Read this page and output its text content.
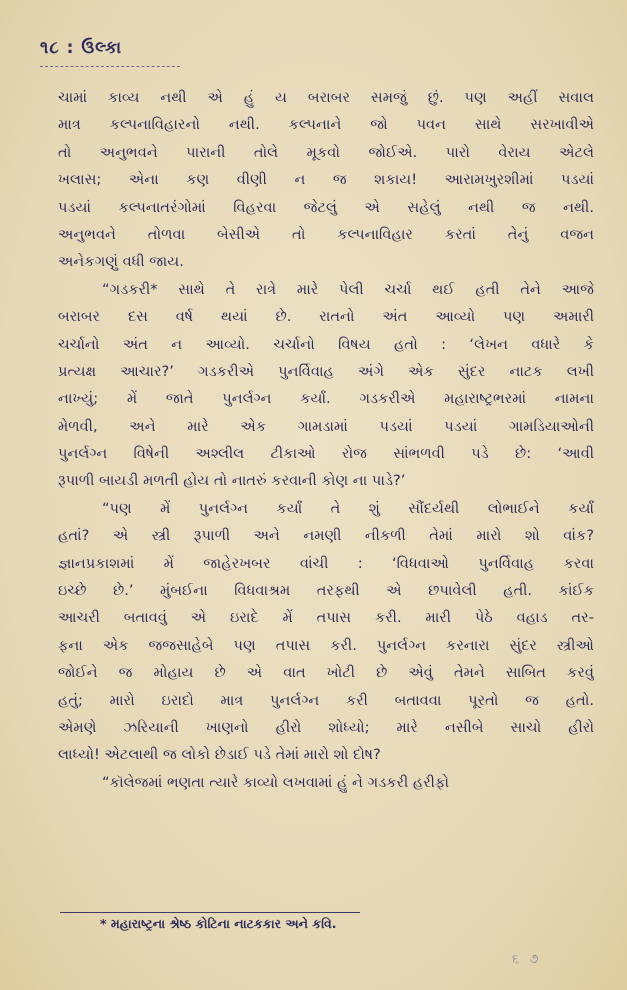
૧૮ : ઉલ્કા
ચામાં કાવ્ય નથી એ હું ય બરાબર સમજું છું. પણ અહીં સવાલ
માત્ર કલ્પનાવિહારનો નથી. કલ્પનાને જો પવન સાથે સરખાવીએ
તો અનુભવને પારાની તોલે મૂકવો જોઈએ. પારો વેરાય એટલે
ખલાસ; એના કણ વીણી ન જ શકાય! આરામખુરશીમાં પડયાં
પડયાં કલ્પનાતરંગોમાં વિહરવા જેટલું એ સહેલું નથી જ નથી.
અનુભવને તોળવા બેસીએ તો કલ્પનાવિહાર કરતાં તેનું વજન
અનેકગણું વધી જાય.
“ગડકરી* સાથે તે રાત્રે મારે પેલી ચર્ચા થઈ હતી તેને આજે
બરાબર દસ વર્ષ થયાં છે. રાતનો અંત આવ્યો પણ અમારી
ચર્ચાનો અંત ન આવ્યો. ચર્ચાનો વિષય હતો : ‘લેખન વધારે કે
પ્રત્યક્ષ આચાર?’ ગડકરીએ પુનર્વિવાહ અંગે એક સુંદર નાટક લખી
નાખ્યું; મેં જાતે પુનર્લગ્ન કર્યાં. ગડકરીએ મહારાષ્ટ્રભરમાં નામના
મેળવી, અને મારે એક ગામડામાં પડયાં પડયાં ગામડિયાઓની
પુનર્લગ્ન વિષેની અશ્લીલ ટીકાઓ રોજ સાંભળવી પડે છે: ‘આવી
રૂપાળી બાયડી મળતી હોય તો નાતરું કરવાની કોણ ના પાડે?’
“પણ મેં પુનર્લગ્ન કર્યાં તે શું સૌંદર્યથી લોભાઈને કર્યાં
હતાં? એ સ્ત્રી રૂપાળી અને નમણી નીકળી તેમાં મારો શો વાંક?
જ્ઞાનપ્રકાશમાં મેં જાહેરખબર વાંચી : ‘વિધવાઓ પુનર્વિવાહ કરવા
ઇચ્છે છે.’ મુંબઈના વિધવાશ્રમ તરફથી એ છપાવેલી હતી. કાંઈક
આચરી બતાવવું એ ઇરાદે મેં તપાસ કરી. મારી પેઠે વહાડ તર-
ફના એક જજસાહેબે પણ તપાસ કરી. પુનર્લગ્ન કરનારા સુંદર સ્ત્રીઓ
જોઈને જ મોહાય છે એ વાત ખોટી છે એવું તેમને સાબિત કરવું
હતું; મારો ઇરાદો માત્ર પુનર્લગ્ન કરી બતાવવા પૂરતો જ હતો.
એમણે ઝરિયાની ખાણનો હીરો શોધ્યો; મારે નસીબે સાચો હીરો
લાધ્યો! એટલાથી જ લોકો છેડાઈ પડે તેમાં મારો શો દોષ?
“કૉલેજમાં ભણતા ત્યારે કાવ્યો લખવામાં હું ને ગડકરી હરીફો
* મહારાષ્ટ્રના શ્રેષ્ઠ કોટિના નાટકકાર અને કવિ.
૬ ૭
